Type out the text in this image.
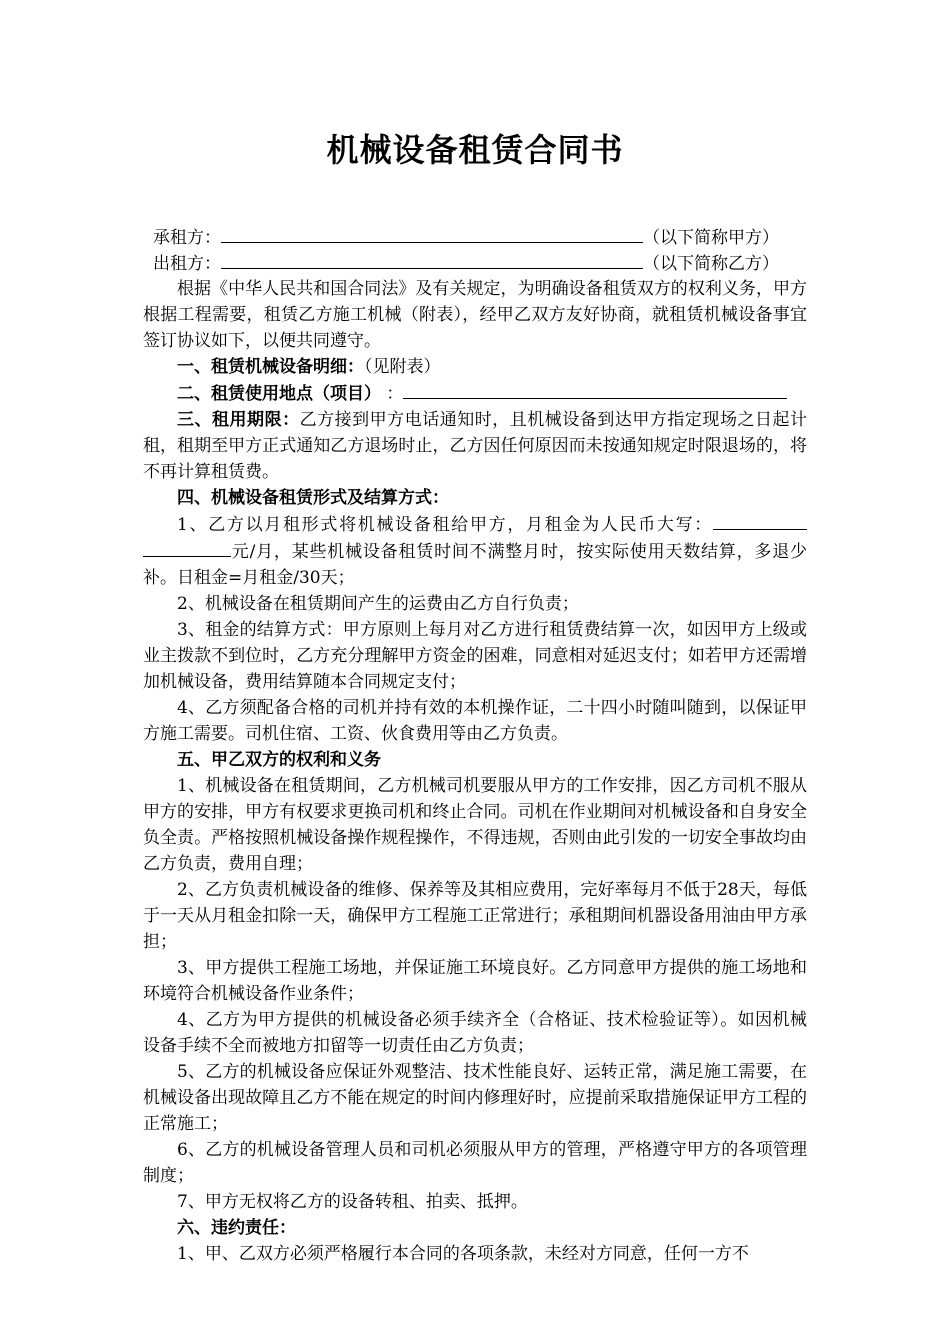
机械设备租赁合同书
承租方：	（以下简称甲方）
出租方：	（以下简称乙方）

根据《中华人民共和国合同法》及有关规定，为明确设备租赁双方的权利义务，甲方根据工程需要，租赁乙方施工机械（附表），经甲乙双方友好协商，就租赁机械设备事宜签订协议如下，以便共同遵守。

一、租赁机械设备明细：（见附表）

二、租赁使用地点（项目） ：

三、租用期限：乙方接到甲方电话通知时，且机械设备到达甲方指定现场之日起计租，租期至甲方正式通知乙方退场时止，乙方因任何原因而未按通知规定时限退场的，将不再计算租赁费。

四、机械设备租赁形式及结算方式：

1、乙方以月租形式将机械设备租给甲方，月租金为人民币大写：元/月，某些机械设备租赁时间不满整月时，按实际使用天数结算，多退少补。日租金=月租金/30天；

2、机械设备在租赁期间产生的运费由乙方自行负责；

3、租金的结算方式：甲方原则上每月对乙方进行租赁费结算一次，如因甲方上级或业主拨款不到位时，乙方充分理解甲方资金的困难，同意相对延迟支付；如若甲方还需增加机械设备，费用结算随本合同规定支付；

4、乙方须配备合格的司机并持有效的本机操作证，二十四小时随叫随到，以保证甲方施工需要。司机住宿、工资、伙食费用等由乙方负责。

五、甲乙双方的权利和义务

1、机械设备在租赁期间，乙方机械司机要服从甲方的工作安排，因乙方司机不服从甲方的安排，甲方有权要求更换司机和终止合同。司机在作业期间对机械设备和自身安全负全责。严格按照机械设备操作规程操作，不得违规，否则由此引发的一切安全事故均由乙方负责，费用自理；

2、乙方负责机械设备的维修、保养等及其相应费用，完好率每月不低于28天，每低于一天从月租金扣除一天，确保甲方工程施工正常进行；承租期间机器设备用油由甲方承担；

3、甲方提供工程施工场地，并保证施工环境良好。乙方同意甲方提供的施工场地和环境符合机械设备作业条件；

4、乙方为甲方提供的机械设备必须手续齐全（合格证、技术检验证等）。如因机械设备手续不全而被地方扣留等一切责任由乙方负责；

5、乙方的机械设备应保证外观整洁、技术性能良好、运转正常，满足施工需要，在机械设备出现故障且乙方不能在规定的时间内修理好时，应提前采取措施保证甲方工程的正常施工；

6、乙方的机械设备管理人员和司机必须服从甲方的管理，严格遵守甲方的各项管理制度；

7、甲方无权将乙方的设备转租、拍卖、抵押。

六、违约责任：

1、甲、乙双方必须严格履行本合同的各项条款，未经对方同意，任何一方不
